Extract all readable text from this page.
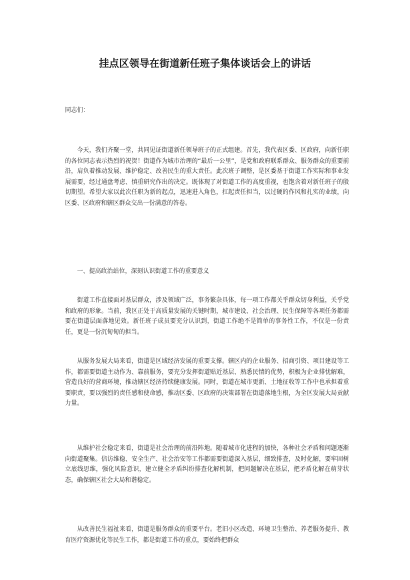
挂点区领导在街道新任班子集体谈话会上的讲话
同志们：

今天，我们齐聚一堂，共同见证街道新任领导班子的正式组建。首先，我代表区委、区政府，向新任职的各位同志表示热烈的祝贺！街道作为城市治理的“最后一公里”，是党和政府联系群众、服务群众的重要前沿，肩负着推动发展、维护稳定、改善民生的重大责任。此次班子调整，是区委基于街道工作实际和事业发展需要，经过通盘考虑、慎重研究作出的决定。既体现了对街道工作的高度重视，也饱含着对新任班子的殷切期望。希望大家以此次任职为新的起点，迅速进入角色，扛起责任担当，以过硬的作风和扎实的业绩，向区委、区政府和辖区群众交出一份满意的答卷。

一、提高政治站位，深刻认识街道工作的重要意义

街道工作直接面对基层群众，涉及领域广泛，事务繁杂具体，每一项工作都关乎群众切身利益，关乎党和政府的形象。当前，我区正处于高质量发展的关键时期，城市建设、社会治理、民生保障等各项任务都需要在街道层面落地见效。新任班子成员要充分认识到，街道工作绝不是简单的事务性工作，不仅是一份责任，更是一份沉甸甸的担当。

从服务发展大局来看，街道是区域经济发展的重要支撑。辖区内的企业服务、招商引资、项目建设等工作，都需要街道主动作为、靠前服务，要充分发挥街道贴近基层、熟悉民情的优势，积极为企业排忧解难，营造良好的营商环境，推动辖区经济持续健康发展。同时，街道在城市更新、土地征收等工作中也承担着重要职责，要以强烈的责任感和使命感，推动区委、区政府的决策部署在街道落地生根，为全区发展大局贡献力量。

从维护社会稳定来看，街道是社会治理的前沿阵地。随着城市化进程的加快，各种社会矛盾和问题逐渐向街道聚集。信访维稳、安全生产、社会治安等工作都需要街道深入基层，细致排查，及时化解，要牢固树立底线思维，强化风险意识，建立健全矛盾纠纷排查化解机制，把问题解决在基层，把矛盾化解在萌芽状态，确保辖区社会大局和谐稳定。

从改善民生福祉来看，街道是服务群众的重要平台。老旧小区改造、环境卫生整治、养老服务提升、教育医疗资源优化等民生工作，都是街道工作的重点，要始终把群众
